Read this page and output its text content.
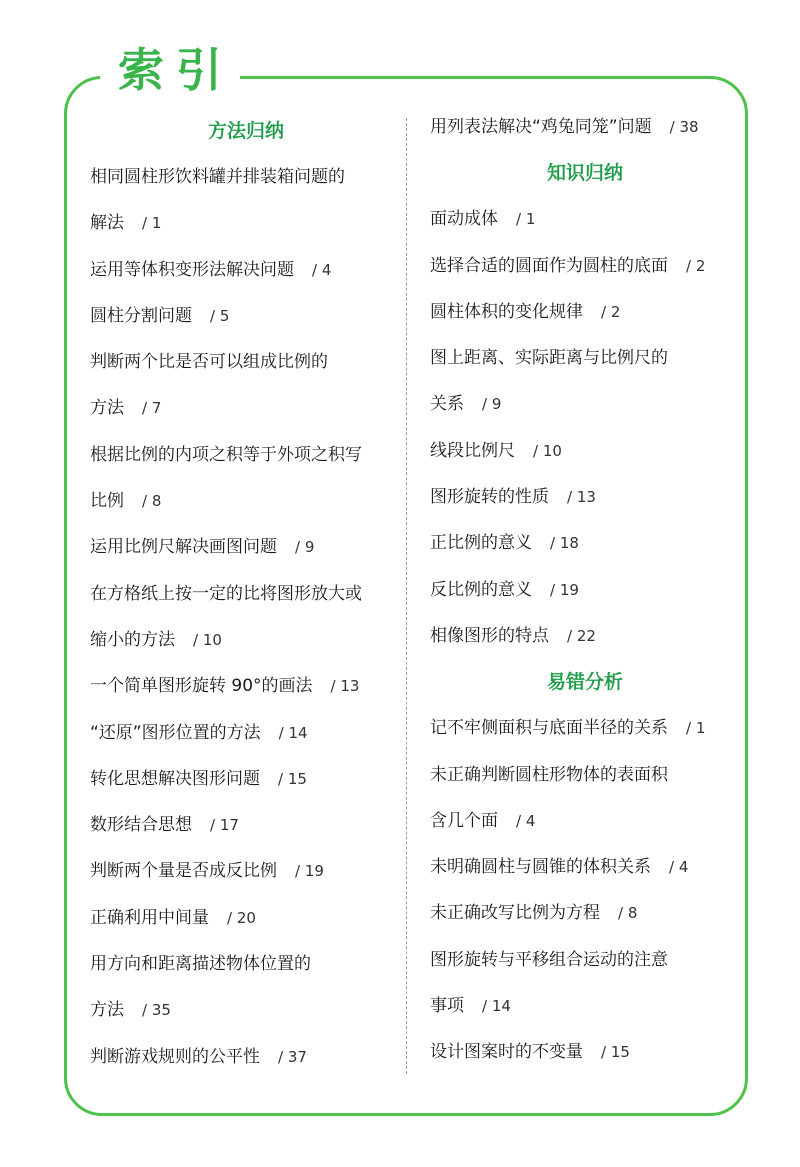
索引
方法归纳
相同圆柱形饮料罐并排装箱问题的
解法 / 1
运用等体积变形法解决问题 / 4
圆柱分割问题 / 5
判断两个比是否可以组成比例的
方法 / 7
根据比例的内项之积等于外项之积写
比例 / 8
运用比例尺解决画图问题 / 9
在方格纸上按一定的比将图形放大或
缩小的方法 / 10
一个简单图形旋转 90°的画法 / 13
“还原”图形位置的方法 / 14
转化思想解决图形问题 / 15
数形结合思想 / 17
判断两个量是否成反比例 / 19
正确利用中间量 / 20
用方向和距离描述物体位置的
方法 / 35
判断游戏规则的公平性 / 37
用列表法解决“鸡兔同笼”问题 / 38
知识归纳
面动成体 / 1
选择合适的圆面作为圆柱的底面 / 2
圆柱体积的变化规律 / 2
图上距离、实际距离与比例尺的
关系 / 9
线段比例尺 / 10
图形旋转的性质 / 13
正比例的意义 / 18
反比例的意义 / 19
相像图形的特点 / 22
易错分析
记不牢侧面积与底面半径的关系 / 1
未正确判断圆柱形物体的表面积
含几个面 / 4
未明确圆柱与圆锥的体积关系 / 4
未正确改写比例为方程 / 8
图形旋转与平移组合运动的注意
事项 / 14
设计图案时的不变量 / 15
